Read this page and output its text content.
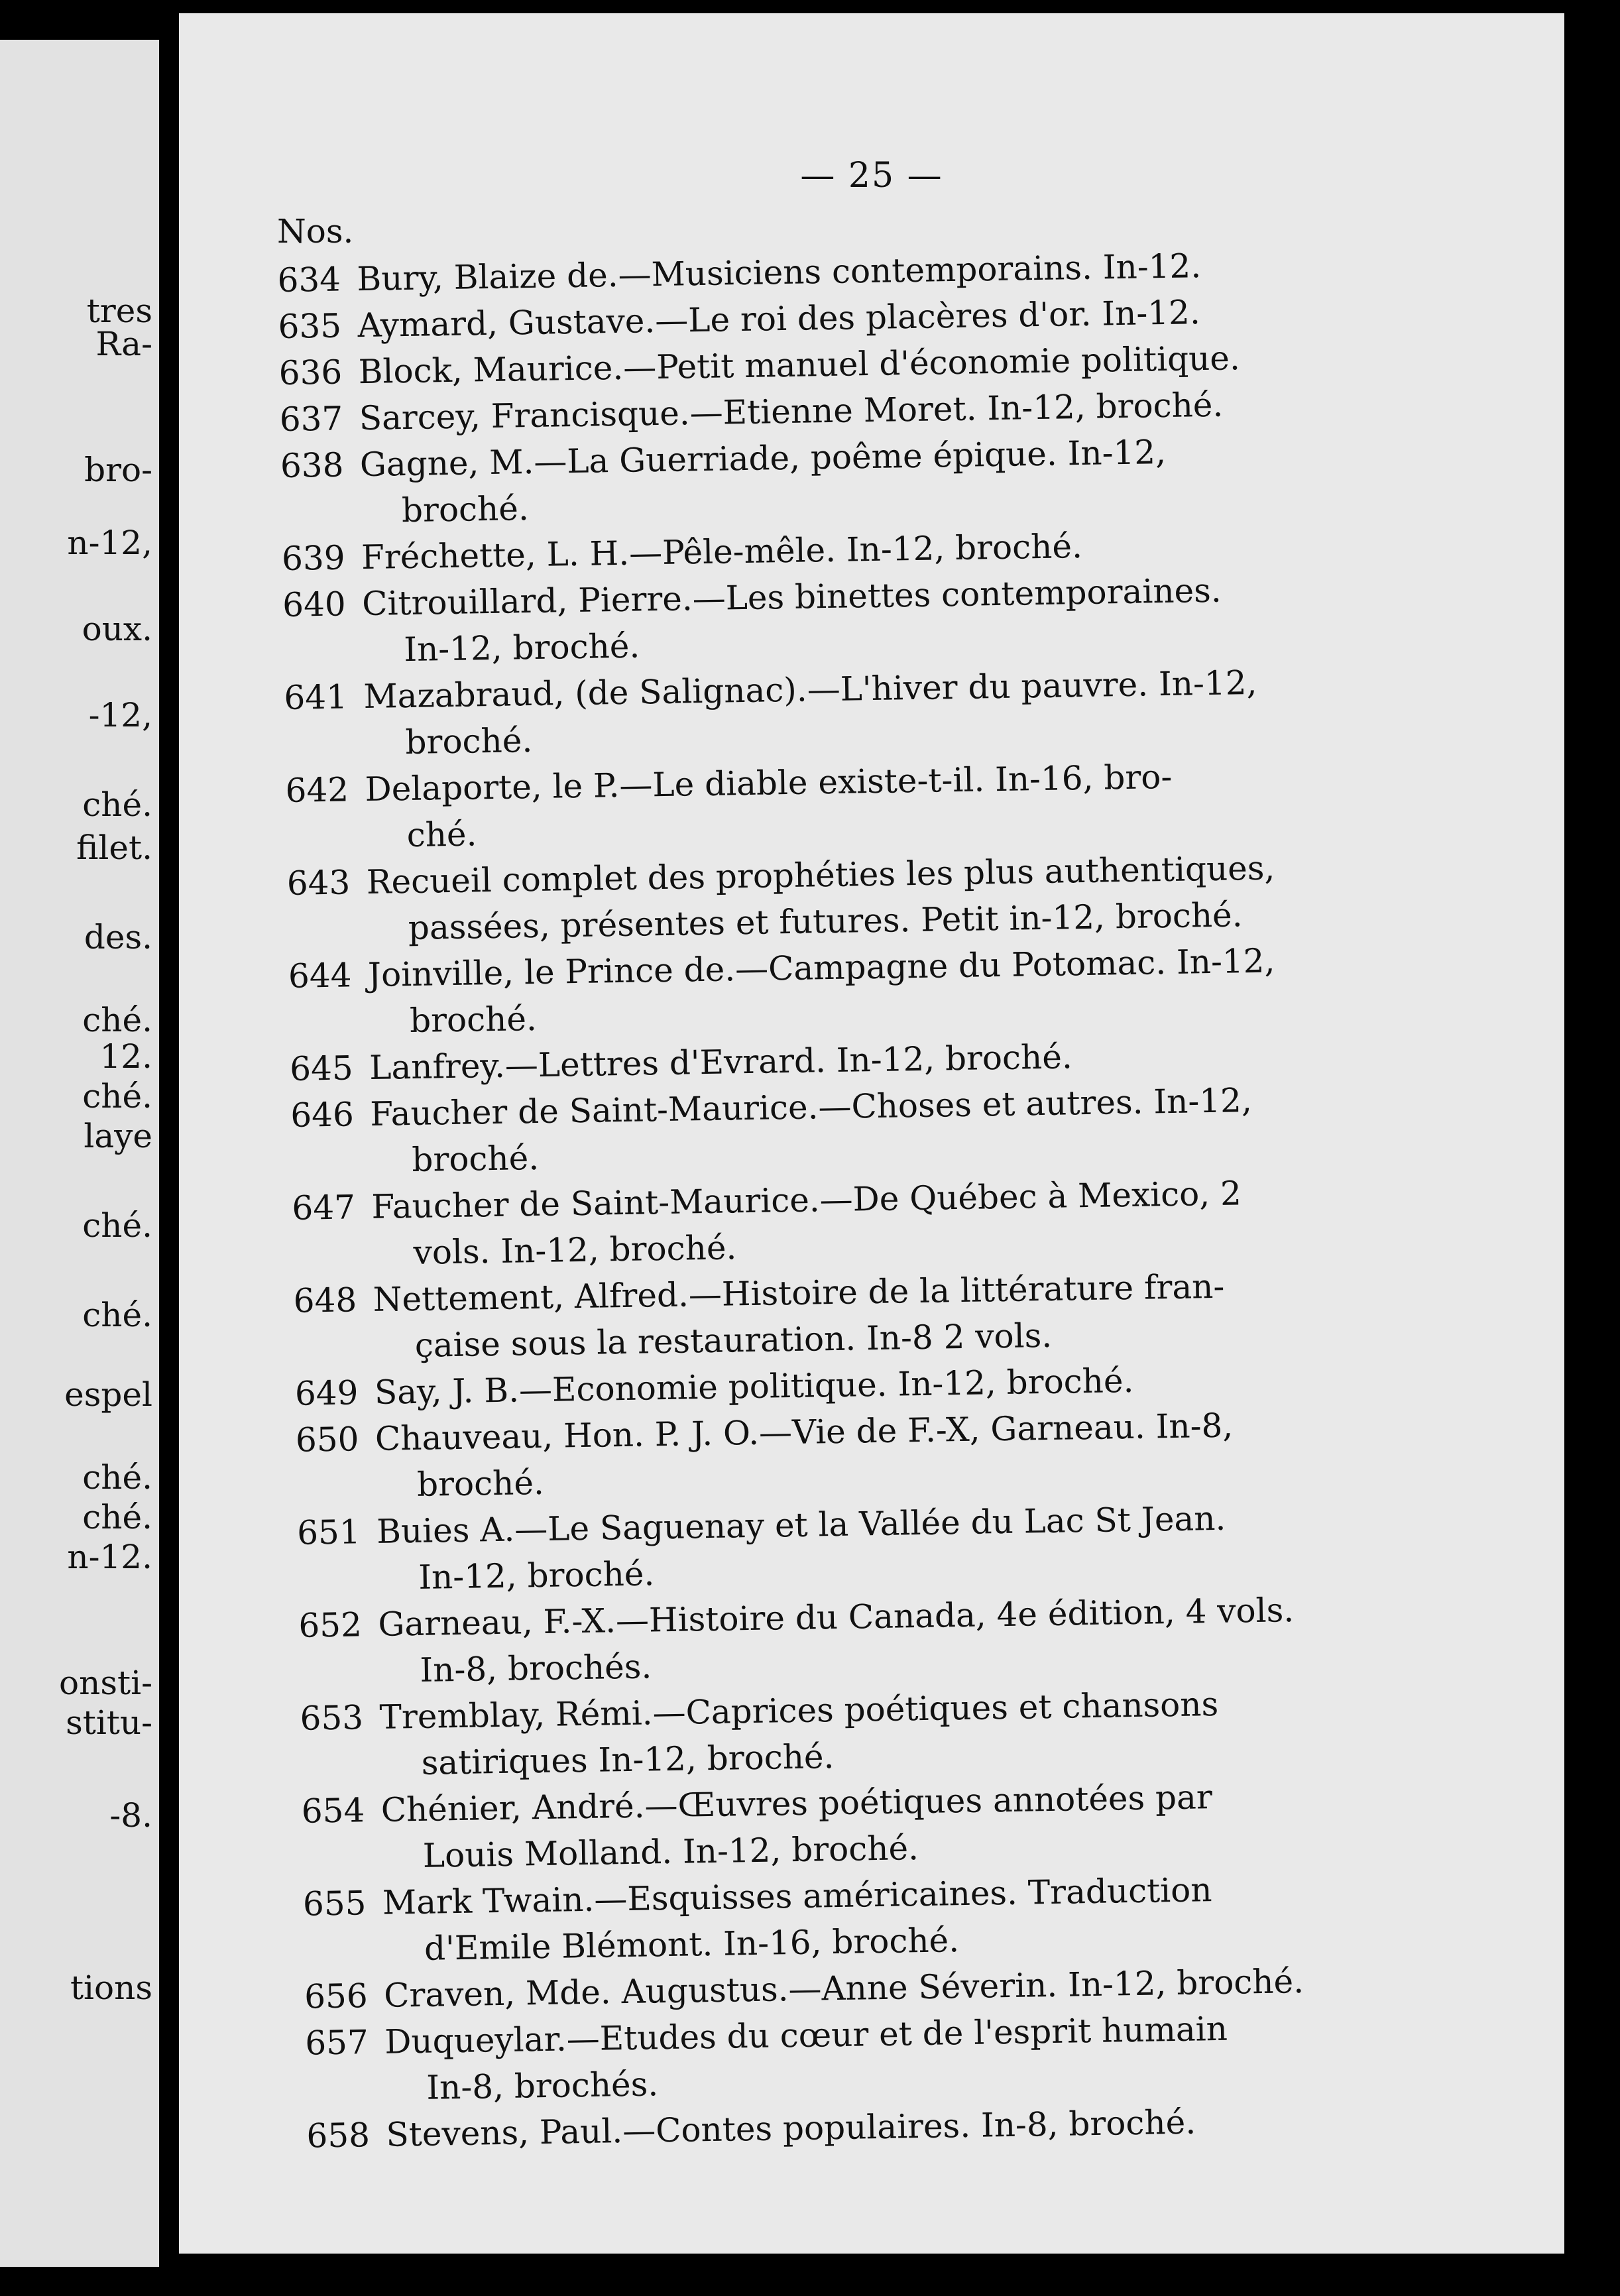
tres
Ra-
bro-
n-12,
oux.
-12,
ché.
filet.
des.
ché.
12.
ché.
laye
ché.
ché.
espel
ché.
ché.
n-12.
onsti-
stitu-
-8.
tions
— 25 —
Nos.
634 Bury, Blaize de.—Musiciens contemporains. In-12.
635 Aymard, Gustave.—Le roi des placères d'or. In-12.
636 Block, Maurice.—Petit manuel d'économie politique.
637 Sarcey, Francisque.—Etienne Moret. In-12, broché.
638 Gagne, M.—La Guerriade, poême épique. In-12,
broché.
639 Fréchette, L. H.—Pêle-mêle. In-12, broché.
640 Citrouillard, Pierre.—Les binettes contemporaines.
In-12, broché.
641 Mazabraud, (de Salignac).—L'hiver du pauvre. In-12,
broché.
642 Delaporte, le P.—Le diable existe-t-il. In-16, bro-
ché.
643 Recueil complet des prophéties les plus authentiques,
passées, présentes et futures. Petit in-12, broché.
644 Joinville, le Prince de.—Campagne du Potomac. In-12,
broché.
645 Lanfrey.—Lettres d'Evrard. In-12, broché.
646 Faucher de Saint-Maurice.—Choses et autres. In-12,
broché.
647 Faucher de Saint-Maurice.—De Québec à Mexico, 2
vols. In-12, broché.
648 Nettement, Alfred.—Histoire de la littérature fran-
çaise sous la restauration. In-8 2 vols.
649 Say, J. B.—Economie politique. In-12, broché.
650 Chauveau, Hon. P. J. O.—Vie de F.-X, Garneau. In-8,
broché.
651 Buies A.—Le Saguenay et la Vallée du Lac St Jean.
In-12, broché.
652 Garneau, F.-X.—Histoire du Canada, 4e édition, 4 vols.
In-8, brochés.
653 Tremblay, Rémi.—Caprices poétiques et chansons
satiriques In-12, broché.
654 Chénier, André.—Œuvres poétiques annotées par
Louis Molland. In-12, broché.
655 Mark Twain.—Esquisses américaines. Traduction
d'Emile Blémont. In-16, broché.
656 Craven, Mde. Augustus.—Anne Séverin. In-12, broché.
657 Duqueylar.—Etudes du cœur et de l'esprit humain
In-8, brochés.
658 Stevens, Paul.—Contes populaires. In-8, broché.
